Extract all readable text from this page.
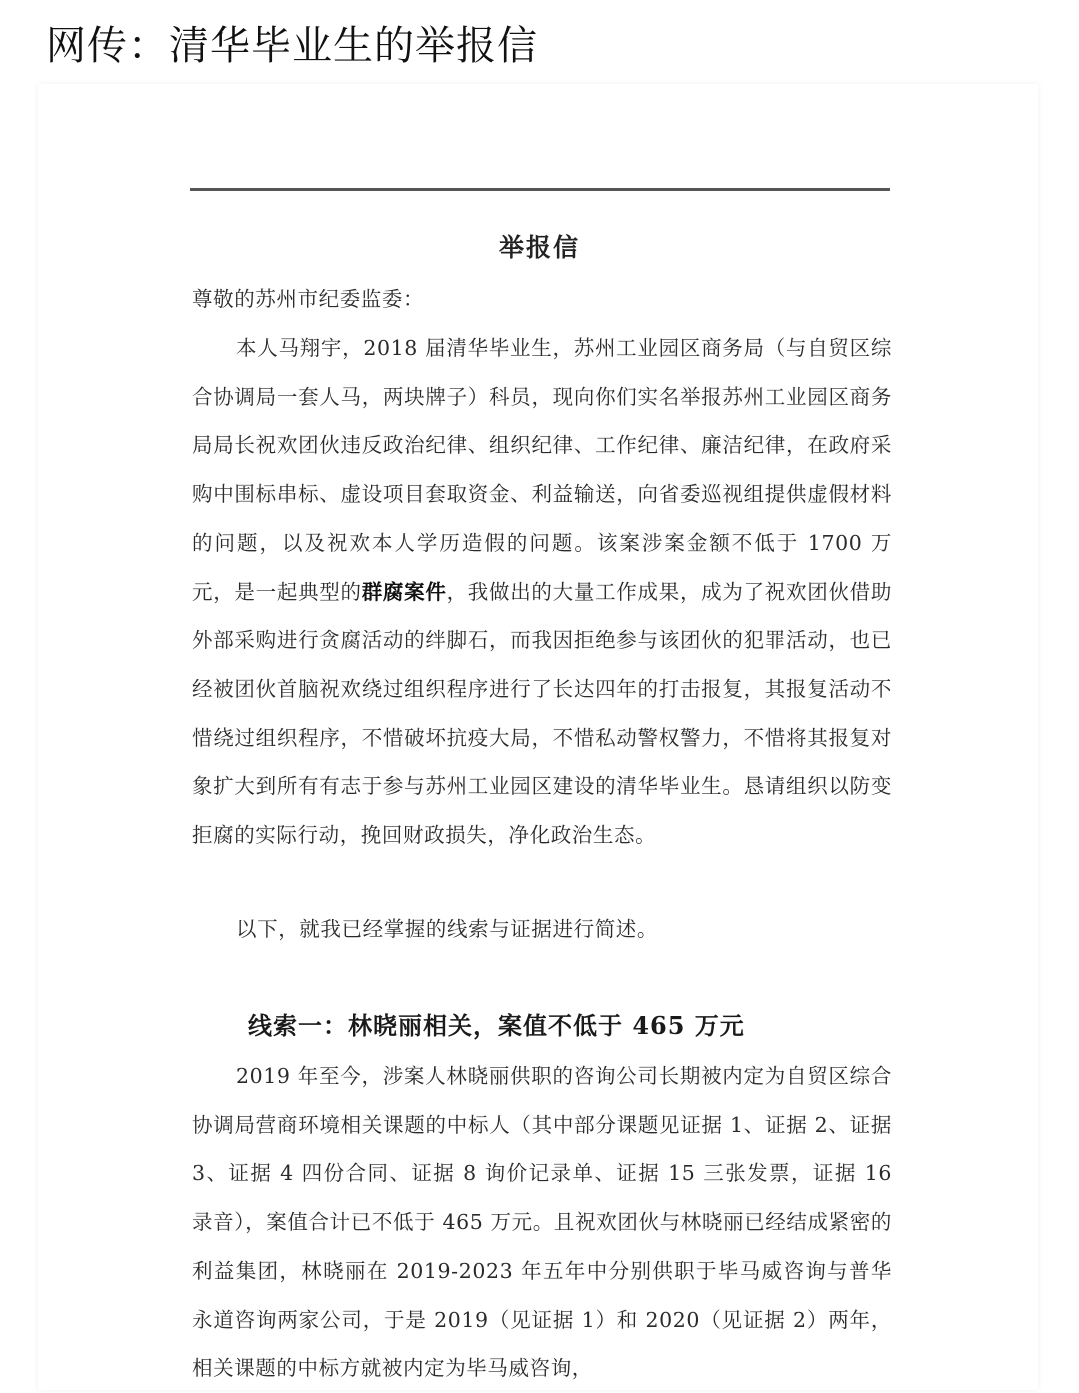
网传：清华毕业生的举报信
举报信

尊敬的苏州市纪委监委：

本人马翔宇，2018 届清华毕业生，苏州工业园区商务局（与自贸区综合协调局一套人马，两块牌子）科员，现向你们实名举报苏州工业园区商务局局长祝欢团伙违反政治纪律、组织纪律、工作纪律、廉洁纪律，在政府采购中围标串标、虚设项目套取资金、利益输送，向省委巡视组提供虚假材料的问题，以及祝欢本人学历造假的问题。该案涉案金额不低于 1700 万元，是一起典型的群腐案件，我做出的大量工作成果，成为了祝欢团伙借助外部采购进行贪腐活动的绊脚石，而我因拒绝参与该团伙的犯罪活动，也已经被团伙首脑祝欢绕过组织程序进行了长达四年的打击报复，其报复活动不惜绕过组织程序，不惜破坏抗疫大局，不惜私动警权警力，不惜将其报复对象扩大到所有有志于参与苏州工业园区建设的清华毕业生。恳请组织以防变拒腐的实际行动，挽回财政损失，净化政治生态。

以下，就我已经掌握的线索与证据进行简述。

线索一：林晓丽相关，案值不低于 465 万元

2019 年至今，涉案人林晓丽供职的咨询公司长期被内定为自贸区综合协调局营商环境相关课题的中标人（其中部分课题见证据 1、证据 2、证据 3、证据 4 四份合同、证据 8 询价记录单、证据 15 三张发票，证据 16 录音），案值合计已不低于 465 万元。且祝欢团伙与林晓丽已经结成紧密的利益集团，林晓丽在 2019-2023 年五年中分别供职于毕马威咨询与普华永道咨询两家公司，于是 2019（见证据 1）和 2020（见证据 2）两年，相关课题的中标方就被内定为毕马威咨询，
